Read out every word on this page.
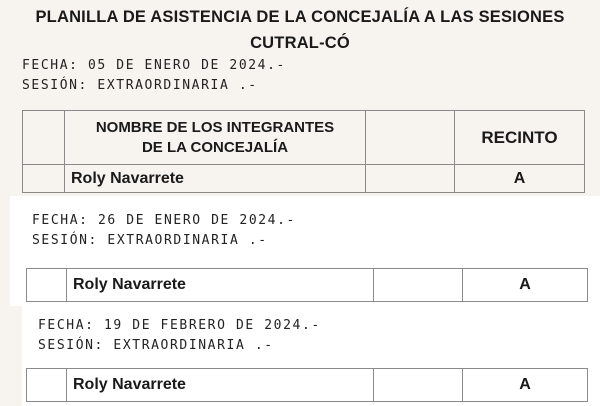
PLANILLA DE ASISTENCIA DE LA CONCEJALÍA A LAS SESIONES
CUTRAL-CÓ
FECHA: 05 DE ENERO DE 2024.-
SESIÓN: EXTRAORDINARIA .-

	NOMBRE DE LOS INTEGRANTES
DE LA CONCEJALÍA		RECINTO
	Roly Navarrete		A
FECHA: 26 DE ENERO DE 2024.-
SESIÓN: EXTRAORDINARIA .-
	Roly Navarrete		A
FECHA: 19 DE FEBRERO DE 2024.-
SESIÓN: EXTRAORDINARIA .-
	Roly Navarrete		A
